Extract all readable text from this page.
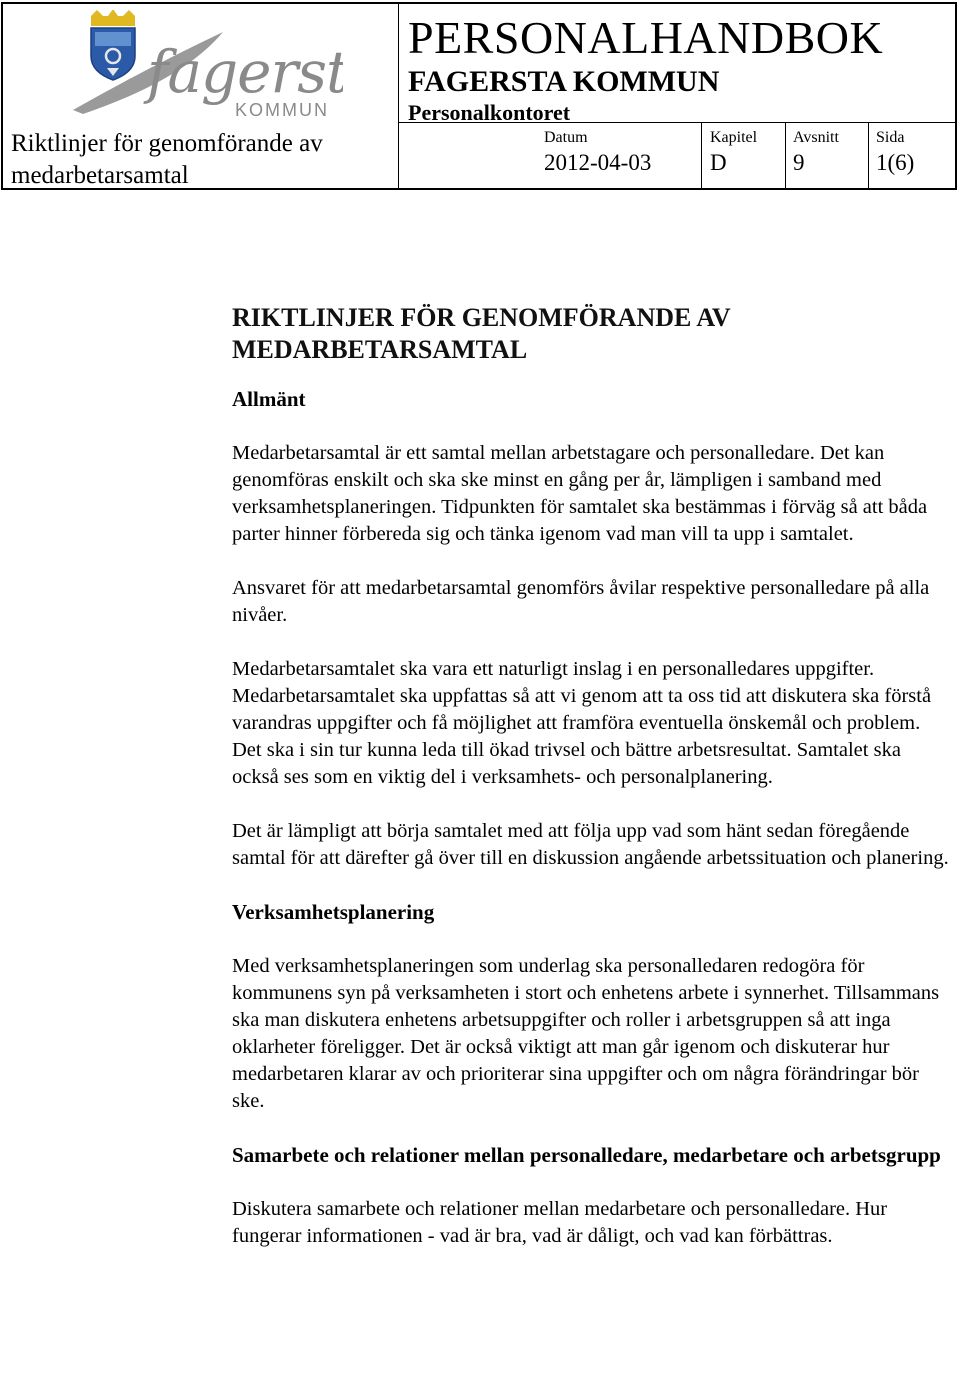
fagers
KOMMUN
Riktlinjer för genomförande av medarbetarsamtal
PERSONALHANDBOK
FAGERSTA KOMMUN
Personalkontoret
Datum
2012-04-03
Kapitel
D
Avsnitt
9
Sida
1(6)
RIKTLINJER FÖR GENOMFÖRANDE AV
MEDARBETARSAMTAL
Allmänt

Medarbetarsamtal är ett samtal mellan arbetstagare och personalledare. Det kan genomföras enskilt och ska ske minst en gång per år, lämpligen i samband med verksamhetsplaneringen. Tidpunkten för samtalet ska bestämmas i förväg så att båda parter hinner förbereda sig och tänka igenom vad man vill ta upp i samtalet.

Ansvaret för att medarbetarsamtal genomförs åvilar respektive personalledare på alla nivåer.

Medarbetarsamtalet ska vara ett naturligt inslag i en personalledares uppgifter. Medarbetarsamtalet ska uppfattas så att vi genom att ta oss tid att diskutera ska förstå varandras uppgifter och få möjlighet att framföra eventuella önskemål och problem. Det ska i sin tur kunna leda till ökad trivsel och bättre arbetsresultat. Samtalet ska också ses som en viktig del i verksamhets- och personalplanering.

Det är lämpligt att börja samtalet med att följa upp vad som hänt sedan föregående samtal för att därefter gå över till en diskussion angående arbetssituation och planering.

Verksamhetsplanering

Med verksamhetsplaneringen som underlag ska personalledaren redogöra för kommunens syn på verksamheten i stort och enhetens arbete i synnerhet. Tillsammans ska man diskutera enhetens arbetsuppgifter och roller i arbetsgruppen så att inga oklarheter föreligger. Det är också viktigt att man går igenom och diskuterar hur medarbetaren klarar av och prioriterar sina uppgifter och om några förändringar bör ske.

Samarbete och relationer mellan personalledare, medarbetare och arbetsgrupp

Diskutera samarbete och relationer mellan medarbetare och personalledare. Hur fungerar informationen - vad är bra, vad är dåligt, och vad kan förbättras.
